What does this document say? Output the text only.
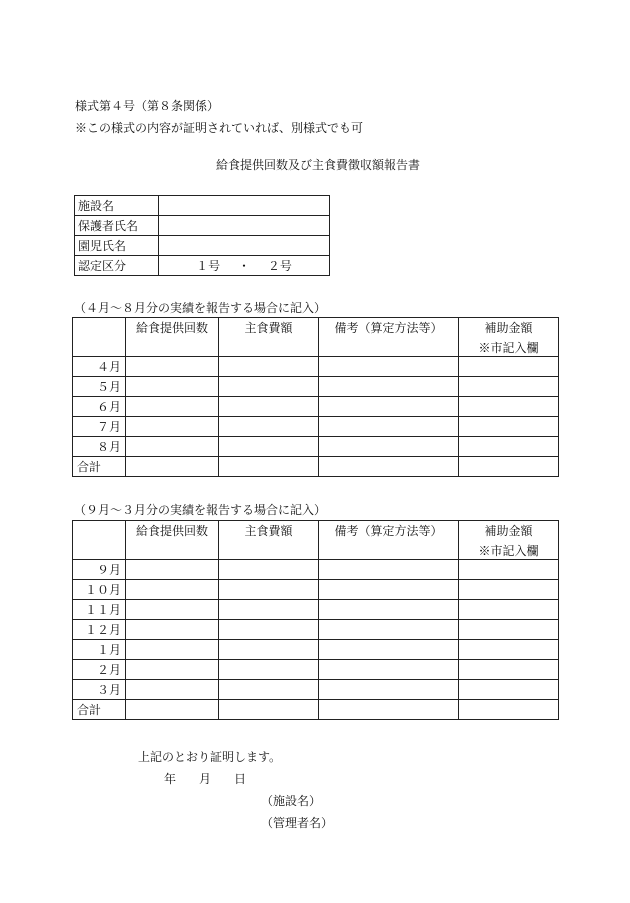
様式第４号（第８条関係）
※この様式の内容が証明されていれば、別様式でも可
給食提供回数及び主食費徴収額報告書
施設名	
保護者氏名	
園児氏名	
認定区分	１号 ・ ２号
（４月～８月分の実績を報告する場合に記入）

	給食提供回数	主食費額	備考（算定方法等）	補助金額
※市記入欄

４月				
５月				
６月				
７月				
８月				
合計				
（９月～３月分の実績を報告する場合に記入）

	給食提供回数	主食費額	備考（算定方法等）	補助金額
※市記入欄

９月				
１０月				
１１月				
１２月				
１月				
２月				
３月				
合計				
上記のとおり証明します。
年 月 日
（施設名）
（管理者名）
